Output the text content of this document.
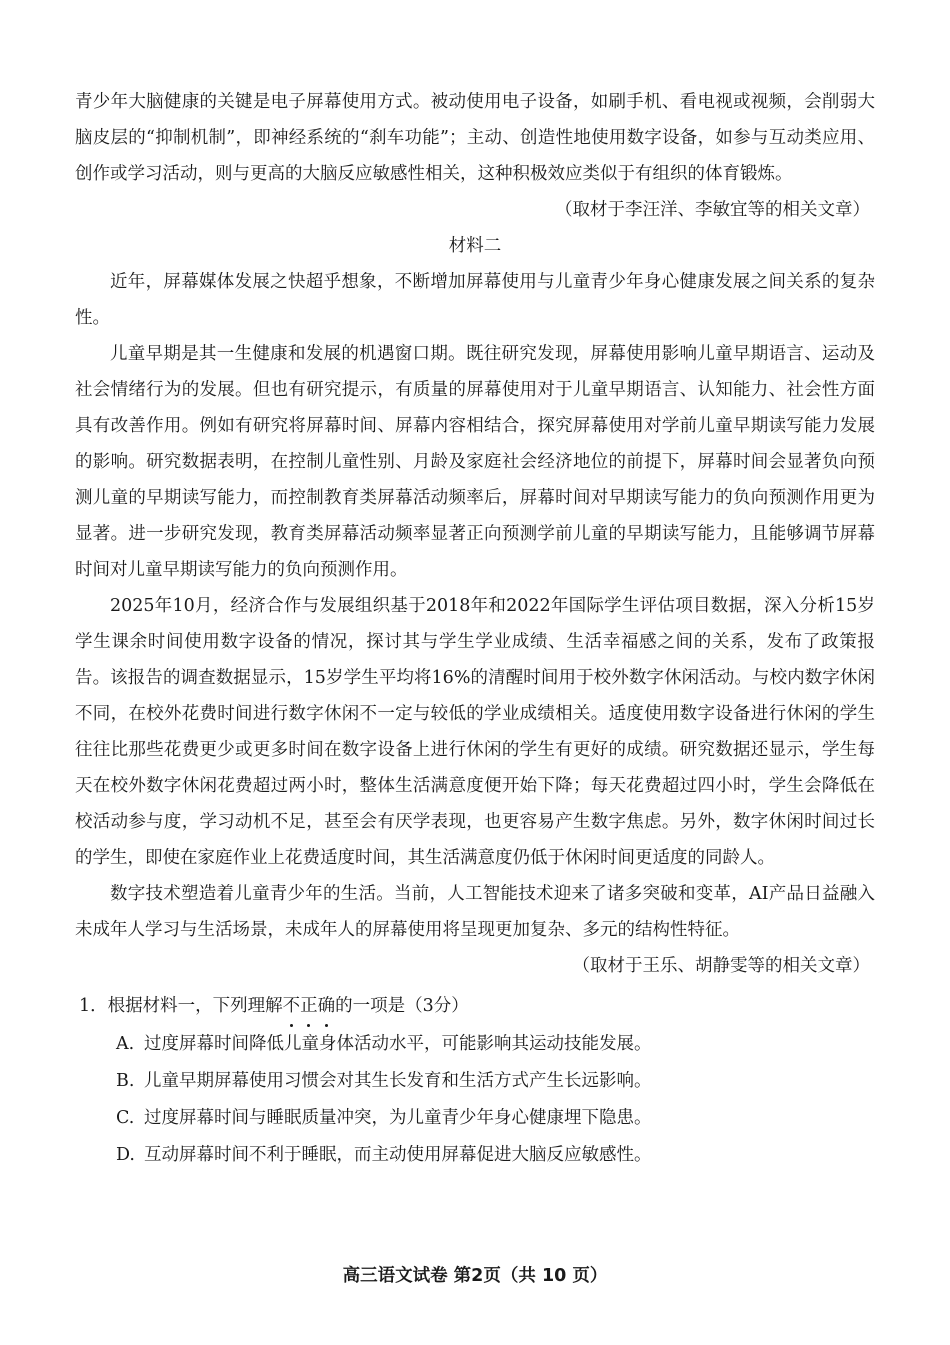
青少年大脑健康的关键是电子屏幕使用方式。被动使用电子设备，如刷手机、看电视或视频，会削弱大脑皮层的“抑制机制”，即神经系统的“刹车功能”；主动、创造性地使用数字设备，如参与互动类应用、创作或学习活动，则与更高的大脑反应敏感性相关，这种积极效应类似于有组织的体育锻炼。

（取材于李汪洋、李敏宜等的相关文章）

材料二

近年，屏幕媒体发展之快超乎想象，不断增加屏幕使用与儿童青少年身心健康发展之间关系的复杂性。

儿童早期是其一生健康和发展的机遇窗口期。既往研究发现，屏幕使用影响儿童早期语言、运动及社会情绪行为的发展。但也有研究提示，有质量的屏幕使用对于儿童早期语言、认知能力、社会性方面具有改善作用。例如有研究将屏幕时间、屏幕内容相结合，探究屏幕使用对学前儿童早期读写能力发展的影响。研究数据表明，在控制儿童性别、月龄及家庭社会经济地位的前提下，屏幕时间会显著负向预测儿童的早期读写能力，而控制教育类屏幕活动频率后，屏幕时间对早期读写能力的负向预测作用更为显著。进一步研究发现，教育类屏幕活动频率显著正向预测学前儿童的早期读写能力，且能够调节屏幕时间对儿童早期读写能力的负向预测作用。

2025年10月，经济合作与发展组织基于2018年和2022年国际学生评估项目数据，深入分析15岁学生课余时间使用数字设备的情况，探讨其与学生学业成绩、生活幸福感之间的关系，发布了政策报告。该报告的调查数据显示，15岁学生平均将16%的清醒时间用于校外数字休闲活动。与校内数字休闲不同，在校外花费时间进行数字休闲不一定与较低的学业成绩相关。适度使用数字设备进行休闲的学生往往比那些花费更少或更多时间在数字设备上进行休闲的学生有更好的成绩。研究数据还显示，学生每天在校外数字休闲花费超过两小时，整体生活满意度便开始下降；每天花费超过四小时，学生会降低在校活动参与度，学习动机不足，甚至会有厌学表现，也更容易产生数字焦虑。另外，数字休闲时间过长的学生，即使在家庭作业上花费适度时间，其生活满意度仍低于休闲时间更适度的同龄人。

数字技术塑造着儿童青少年的生活。当前，人工智能技术迎来了诸多突破和变革，AI产品日益融入未成年人学习与生活场景，未成年人的屏幕使用将呈现更加复杂、多元的结构性特征。

（取材于王乐、胡静雯等的相关文章）

1．根据材料一，下列理解不正确的一项是（3分）

A. 过度屏幕时间降低儿童身体活动水平，可能影响其运动技能发展。
B. 儿童早期屏幕使用习惯会对其生长发育和生活方式产生长远影响。
C. 过度屏幕时间与睡眠质量冲突，为儿童青少年身心健康埋下隐患。
D. 互动屏幕时间不利于睡眠，而主动使用屏幕促进大脑反应敏感性。
高三语文试卷 第2页（共 10 页）
